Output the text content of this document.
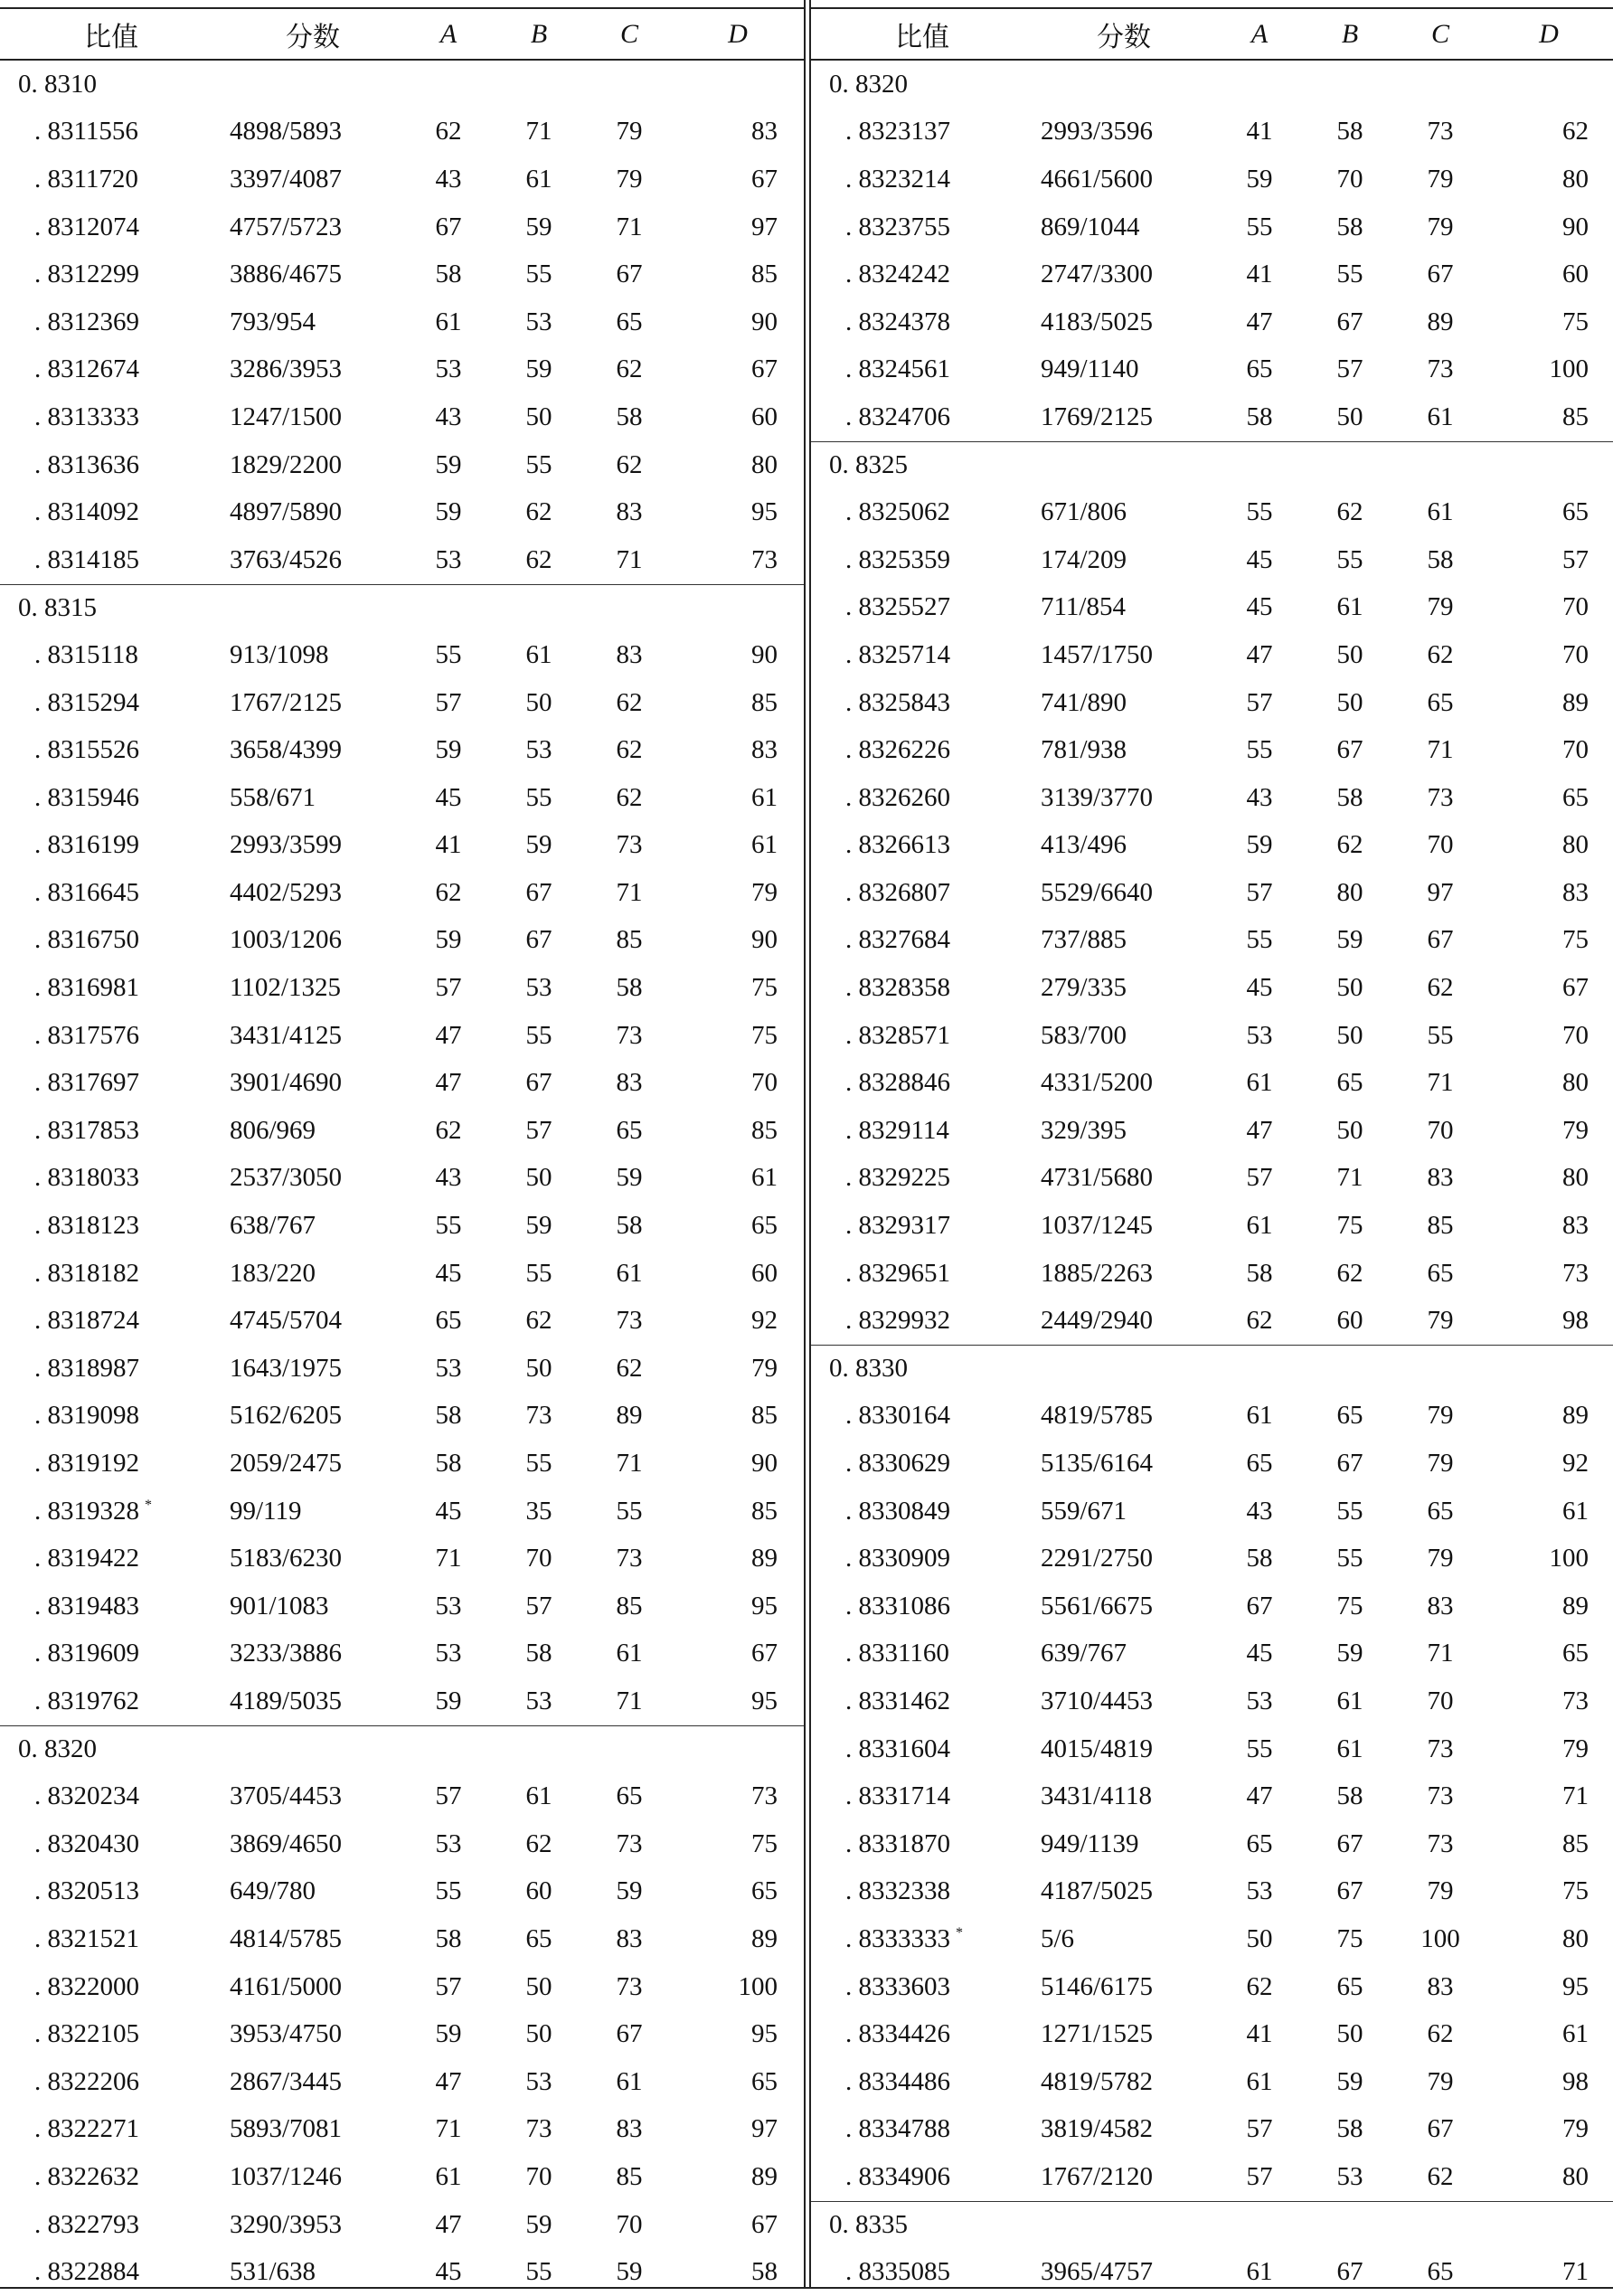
比值	分数	A	B	C	D
0. 8310
. 8311556	4898/5893	62	71	79	83
. 8311720	3397/4087	43	61	79	67
. 8312074	4757/5723	67	59	71	97
. 8312299	3886/4675	58	55	67	85
. 8312369	793/954	61	53	65	90
. 8312674	3286/3953	53	59	62	67
. 8313333	1247/1500	43	50	58	60
. 8313636	1829/2200	59	55	62	80
. 8314092	4897/5890	59	62	83	95
. 8314185	3763/4526	53	62	71	73
0. 8315
. 8315118	913/1098	55	61	83	90
. 8315294	1767/2125	57	50	62	85
. 8315526	3658/4399	59	53	62	83
. 8315946	558/671	45	55	62	61
. 8316199	2993/3599	41	59	73	61
. 8316645	4402/5293	62	67	71	79
. 8316750	1003/1206	59	67	85	90
. 8316981	1102/1325	57	53	58	75
. 8317576	3431/4125	47	55	73	75
. 8317697	3901/4690	47	67	83	70
. 8317853	806/969	62	57	65	85
. 8318033	2537/3050	43	50	59	61
. 8318123	638/767	55	59	58	65
. 8318182	183/220	45	55	61	60
. 8318724	4745/5704	65	62	73	92
. 8318987	1643/1975	53	50	62	79
. 8319098	5162/6205	58	73	89	85
. 8319192	2059/2475	58	55	71	90
. 8319328 *	99/119	45	35	55	85
. 8319422	5183/6230	71	70	73	89
. 8319483	901/1083	53	57	85	95
. 8319609	3233/3886	53	58	61	67
. 8319762	4189/5035	59	53	71	95
0. 8320
. 8320234	3705/4453	57	61	65	73
. 8320430	3869/4650	53	62	73	75
. 8320513	649/780	55	60	59	65
. 8321521	4814/5785	58	65	83	89
. 8322000	4161/5000	57	50	73	100
. 8322105	3953/4750	59	50	67	95
. 8322206	2867/3445	47	53	61	65
. 8322271	5893/7081	71	73	83	97
. 8322632	1037/1246	61	70	85	89
. 8322793	3290/3953	47	59	70	67
. 8322884	531/638	45	55	59	58
比值	分数	A	B	C	D
0. 8320
. 8323137	2993/3596	41	58	73	62
. 8323214	4661/5600	59	70	79	80
. 8323755	869/1044	55	58	79	90
. 8324242	2747/3300	41	55	67	60
. 8324378	4183/5025	47	67	89	75
. 8324561	949/1140	65	57	73	100
. 8324706	1769/2125	58	50	61	85
0. 8325
. 8325062	671/806	55	62	61	65
. 8325359	174/209	45	55	58	57
. 8325527	711/854	45	61	79	70
. 8325714	1457/1750	47	50	62	70
. 8325843	741/890	57	50	65	89
. 8326226	781/938	55	67	71	70
. 8326260	3139/3770	43	58	73	65
. 8326613	413/496	59	62	70	80
. 8326807	5529/6640	57	80	97	83
. 8327684	737/885	55	59	67	75
. 8328358	279/335	45	50	62	67
. 8328571	583/700	53	50	55	70
. 8328846	4331/5200	61	65	71	80
. 8329114	329/395	47	50	70	79
. 8329225	4731/5680	57	71	83	80
. 8329317	1037/1245	61	75	85	83
. 8329651	1885/2263	58	62	65	73
. 8329932	2449/2940	62	60	79	98
0. 8330
. 8330164	4819/5785	61	65	79	89
. 8330629	5135/6164	65	67	79	92
. 8330849	559/671	43	55	65	61
. 8330909	2291/2750	58	55	79	100
. 8331086	5561/6675	67	75	83	89
. 8331160	639/767	45	59	71	65
. 8331462	3710/4453	53	61	70	73
. 8331604	4015/4819	55	61	73	79
. 8331714	3431/4118	47	58	73	71
. 8331870	949/1139	65	67	73	85
. 8332338	4187/5025	53	67	79	75
. 8333333 *	5/6	50	75	100	80
. 8333603	5146/6175	62	65	83	95
. 8334426	1271/1525	41	50	62	61
. 8334486	4819/5782	61	59	79	98
. 8334788	3819/4582	57	58	67	79
. 8334906	1767/2120	57	53	62	80
0. 8335
. 8335085	3965/4757	61	67	65	71
